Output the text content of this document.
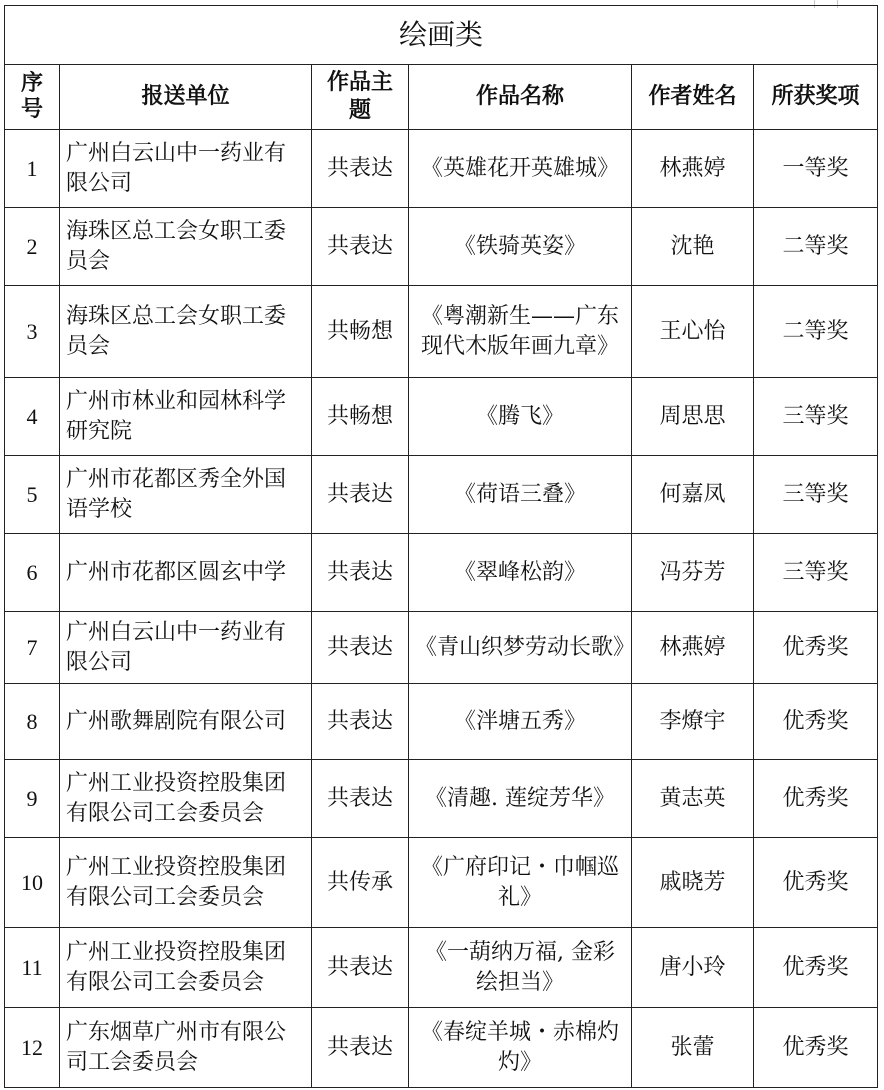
绘画类					
序号	报送单位	作品主题	作品名称	作者姓名	所获奖项
1	广州白云山中一药业有限公司	共表达	《英雄花开英雄城》	林燕婷	一等奖
2	海珠区总工会女职工委员会	共表达	《铁骑英姿》	沈艳	二等奖
3	海珠区总工会女职工委员会	共畅想	《粤潮新生——广东现代木版年画九章》	王心怡	二等奖
4	广州市林业和园林科学研究院	共畅想	《腾飞》	周思思	三等奖
5	广州市花都区秀全外国语学校	共表达	《荷语三叠》	何嘉凤	三等奖
6	广州市花都区圆玄中学	共表达	《翠峰松韵》	冯芬芳	三等奖
7	广州白云山中一药业有限公司	共表达	《青山织梦劳动长歌》	林燕婷	优秀奖
8	广州歌舞剧院有限公司	共表达	《泮塘五秀》	李燎宇	优秀奖
9	广州工业投资控股集团有限公司工会委员会	共表达	《清趣. 莲绽芳华》	黄志英	优秀奖
10	广州工业投资控股集团有限公司工会委员会	共传承	《广府印记・巾帼巡礼》	戚晓芳	优秀奖
11	广州工业投资控股集团有限公司工会委员会	共表达	《一葫纳万福, 金彩绘担当》	唐小玲	优秀奖
12	广东烟草广州市有限公司工会委员会	共表达	《春绽羊城・赤棉灼灼》	张蕾	优秀奖
